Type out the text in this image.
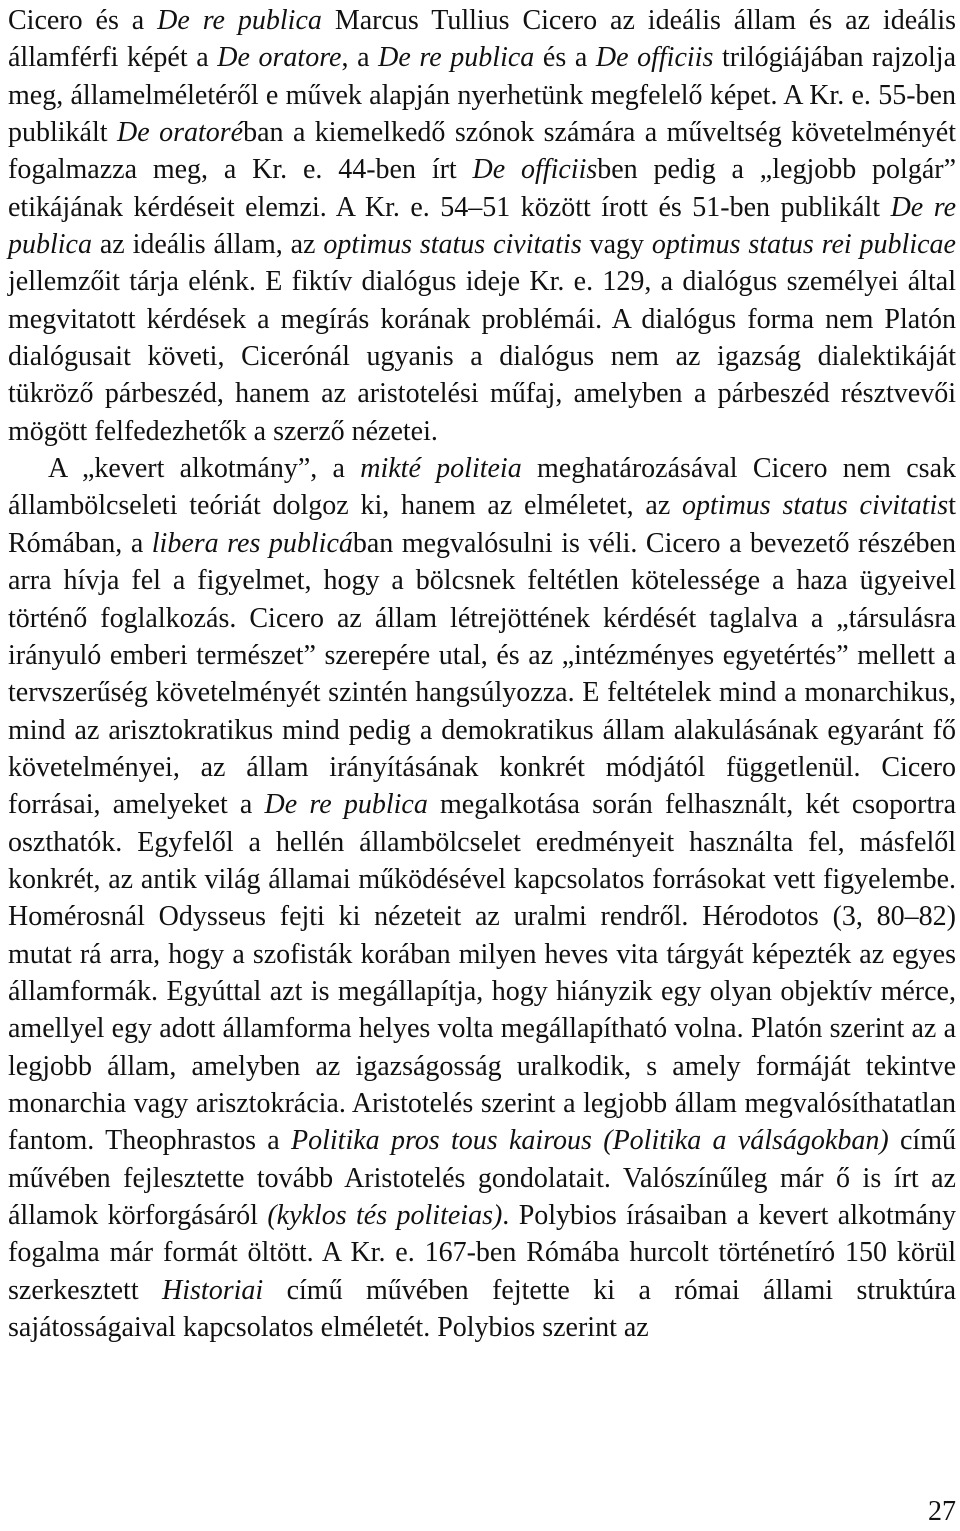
Cicero és a De re publica Marcus Tullius Cicero az ideális állam és az ideális államférfi képét a De oratore, a De re publica és a De officiis trilógiájában rajzolja meg, államelméletéről e művek alapján nyerhetünk megfelelő képet. A Kr. e. 55-ben publikált De oratoréban a kiemelkedő szónok számára a műveltség követelményét fogalmazza meg, a Kr. e. 44-ben írt De officiisben pedig a „legjobb polgár” etikájának kérdéseit elemzi. A Kr. e. 54–51 között írott és 51-ben publikált De re publica az ideális állam, az optimus status civitatis vagy optimus status rei publicae jellemzőit tárja elénk. E fiktív dialógus ideje Kr. e. 129, a dialógus személyei által megvitatott kérdések a megírás korának problémái. A dialógus forma nem Platón dialógusait követi, Cicerónál ugyanis a dialógus nem az igazság dialektikáját tükröző párbeszéd, hanem az aristotelési műfaj, amelyben a párbeszéd résztvevői mögött felfedezhetők a szerző nézetei.

A „kevert alkotmány”, a mikté politeia meghatározásával Cicero nem csak állambölcseleti teóriát dolgoz ki, hanem az elméletet, az optimus status civitatist Rómában, a libera res publicában megvalósulni is véli. Cicero a bevezető részében arra hívja fel a figyelmet, hogy a bölcsnek feltétlen kötelessége a haza ügyeivel történő foglalkozás. Cicero az állam létrejöttének kérdését taglalva a „társulásra irányuló emberi természet” szerepére utal, és az „intézményes egyetértés” mellett a tervszerűség követelményét szintén hangsúlyozza. E feltételek mind a monarchikus, mind az arisztokratikus mind pedig a demokratikus állam alakulásának egyaránt fő követelményei, az állam irányításának konkrét módjától függetlenül. Cicero forrásai, amelyeket a De re publica megalkotása során felhasznált, két csoportra oszthatók. Egyfelől a hellén állambölcselet eredményeit használta fel, másfelől konkrét, az antik világ államai működésével kapcsolatos forrásokat vett figyelembe. Homérosnál Odysseus fejti ki nézeteit az uralmi rendről. Hérodotos (3, 80–82) mutat rá arra, hogy a szofisták korában milyen heves vita tárgyát képezték az egyes államformák. Egyúttal azt is megállapítja, hogy hiányzik egy olyan objektív mérce, amellyel egy adott államforma helyes volta megállapítható volna. Platón szerint az a legjobb állam, amelyben az igazságosság uralkodik, s amely formáját tekintve monarchia vagy arisztokrácia. Aristotelés szerint a legjobb állam megvalósíthatatlan fantom. Theophrastos a Politika pros tous kairous (Politika a válságokban) című művében fejlesztette tovább Aristotelés gondolatait. Valószínűleg már ő is írt az államok körforgásáról (kyklos tés politeias). Polybios írásaiban a kevert alkotmány fogalma már formát öltött. A Kr. e. 167-ben Rómába hurcolt történetíró 150 körül szerkesztett Historiai című művében fejtette ki a római állami struktúra sajátosságaival kapcsolatos elméletét. Polybios szerint az

27
